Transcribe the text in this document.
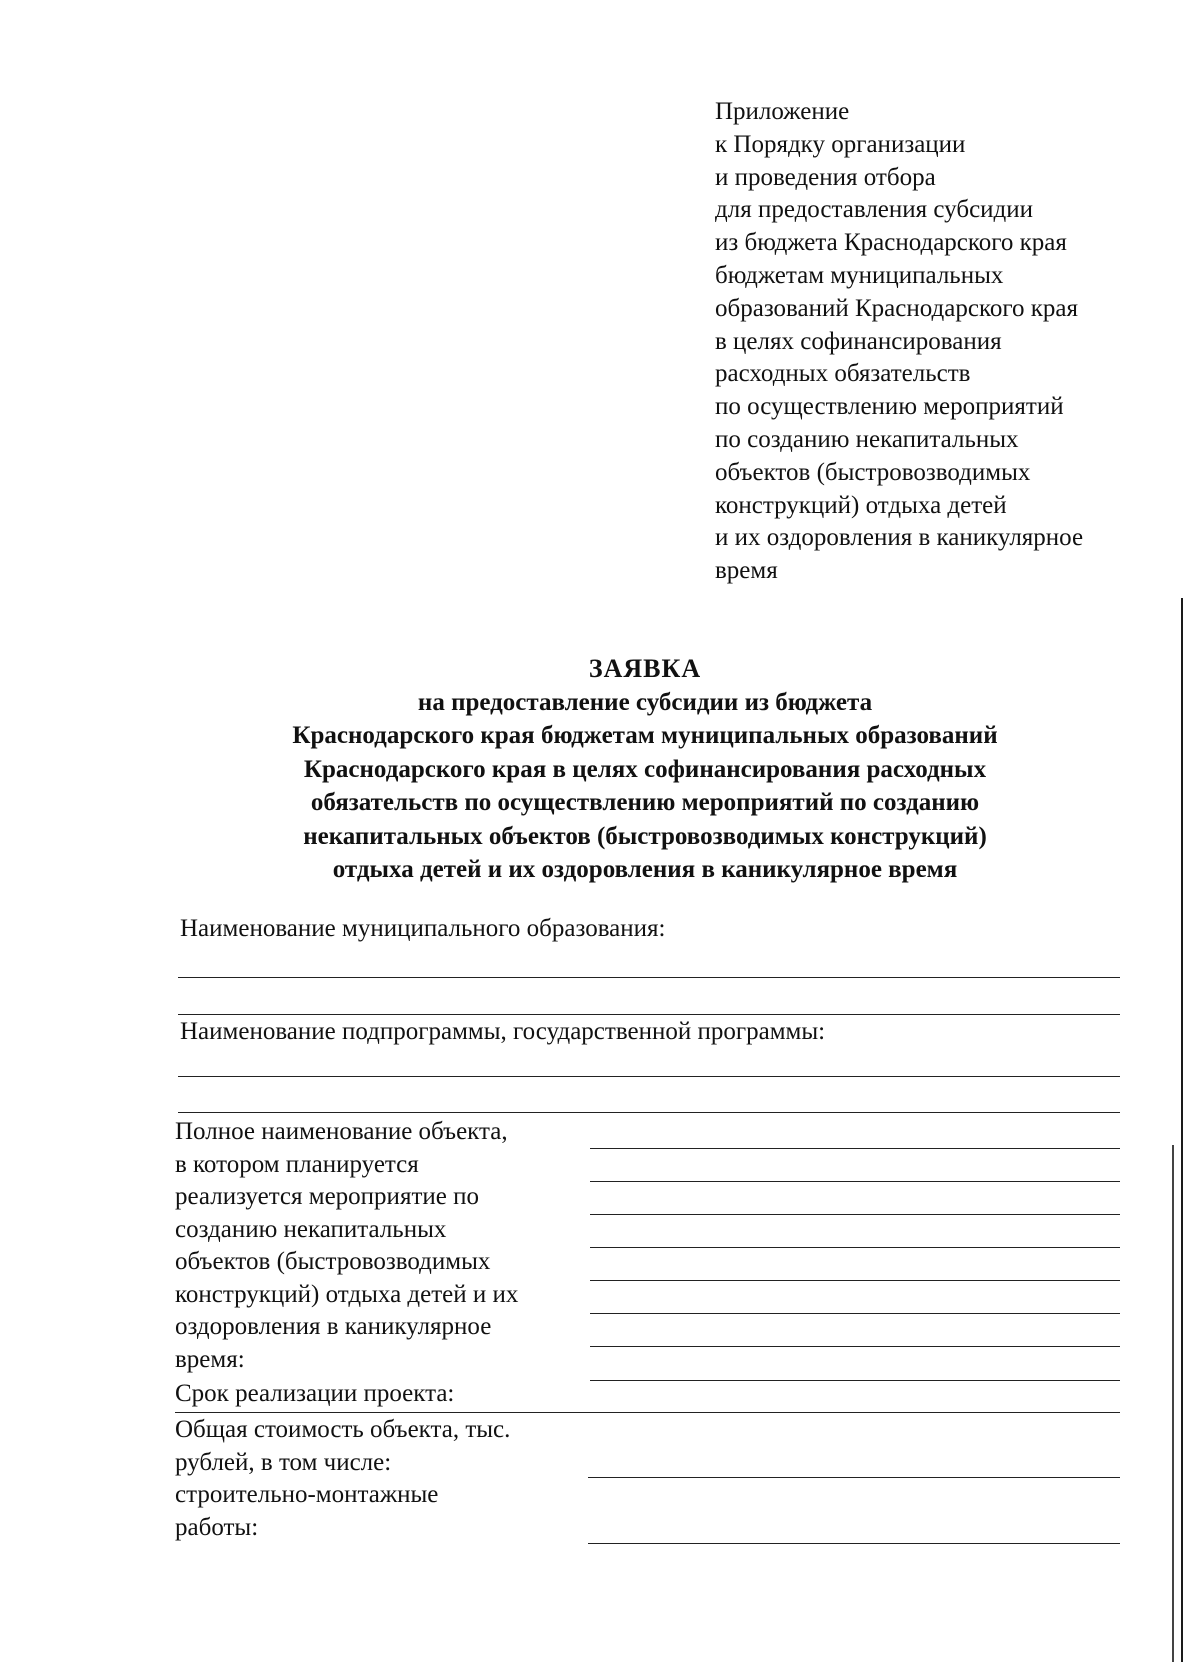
Приложение
к Порядку организации
и проведения отбора
для предоставления субсидии
из бюджета Краснодарского края
бюджетам муниципальных
образований Краснодарского края
в целях софинансирования
расходных обязательств
по осуществлению мероприятий
по созданию некапитальных
объектов (быстровозводимых
конструкций) отдыха детей
и их оздоровления в каникулярное
время
ЗАЯВКА
на предоставление субсидии из бюджета
Краснодарского края бюджетам муниципальных образований
Краснодарского края в целях софинансирования расходных
обязательств по осуществлению мероприятий по созданию
некапитальных объектов (быстровозводимых конструкций)
отдыха детей и их оздоровления в каникулярное время
Наименование муниципального образования:
Наименование подпрограммы, государственной программы:
Полное наименование объекта,
в котором планируется
реализуется мероприятие по
созданию некапитальных
объектов (быстровозводимых
конструкций) отдыха детей и их
оздоровления в каникулярное
время:
Срок реализации проекта:
Общая стоимость объекта, тыс.
рублей, в том числе:
строительно-монтажные
работы:
